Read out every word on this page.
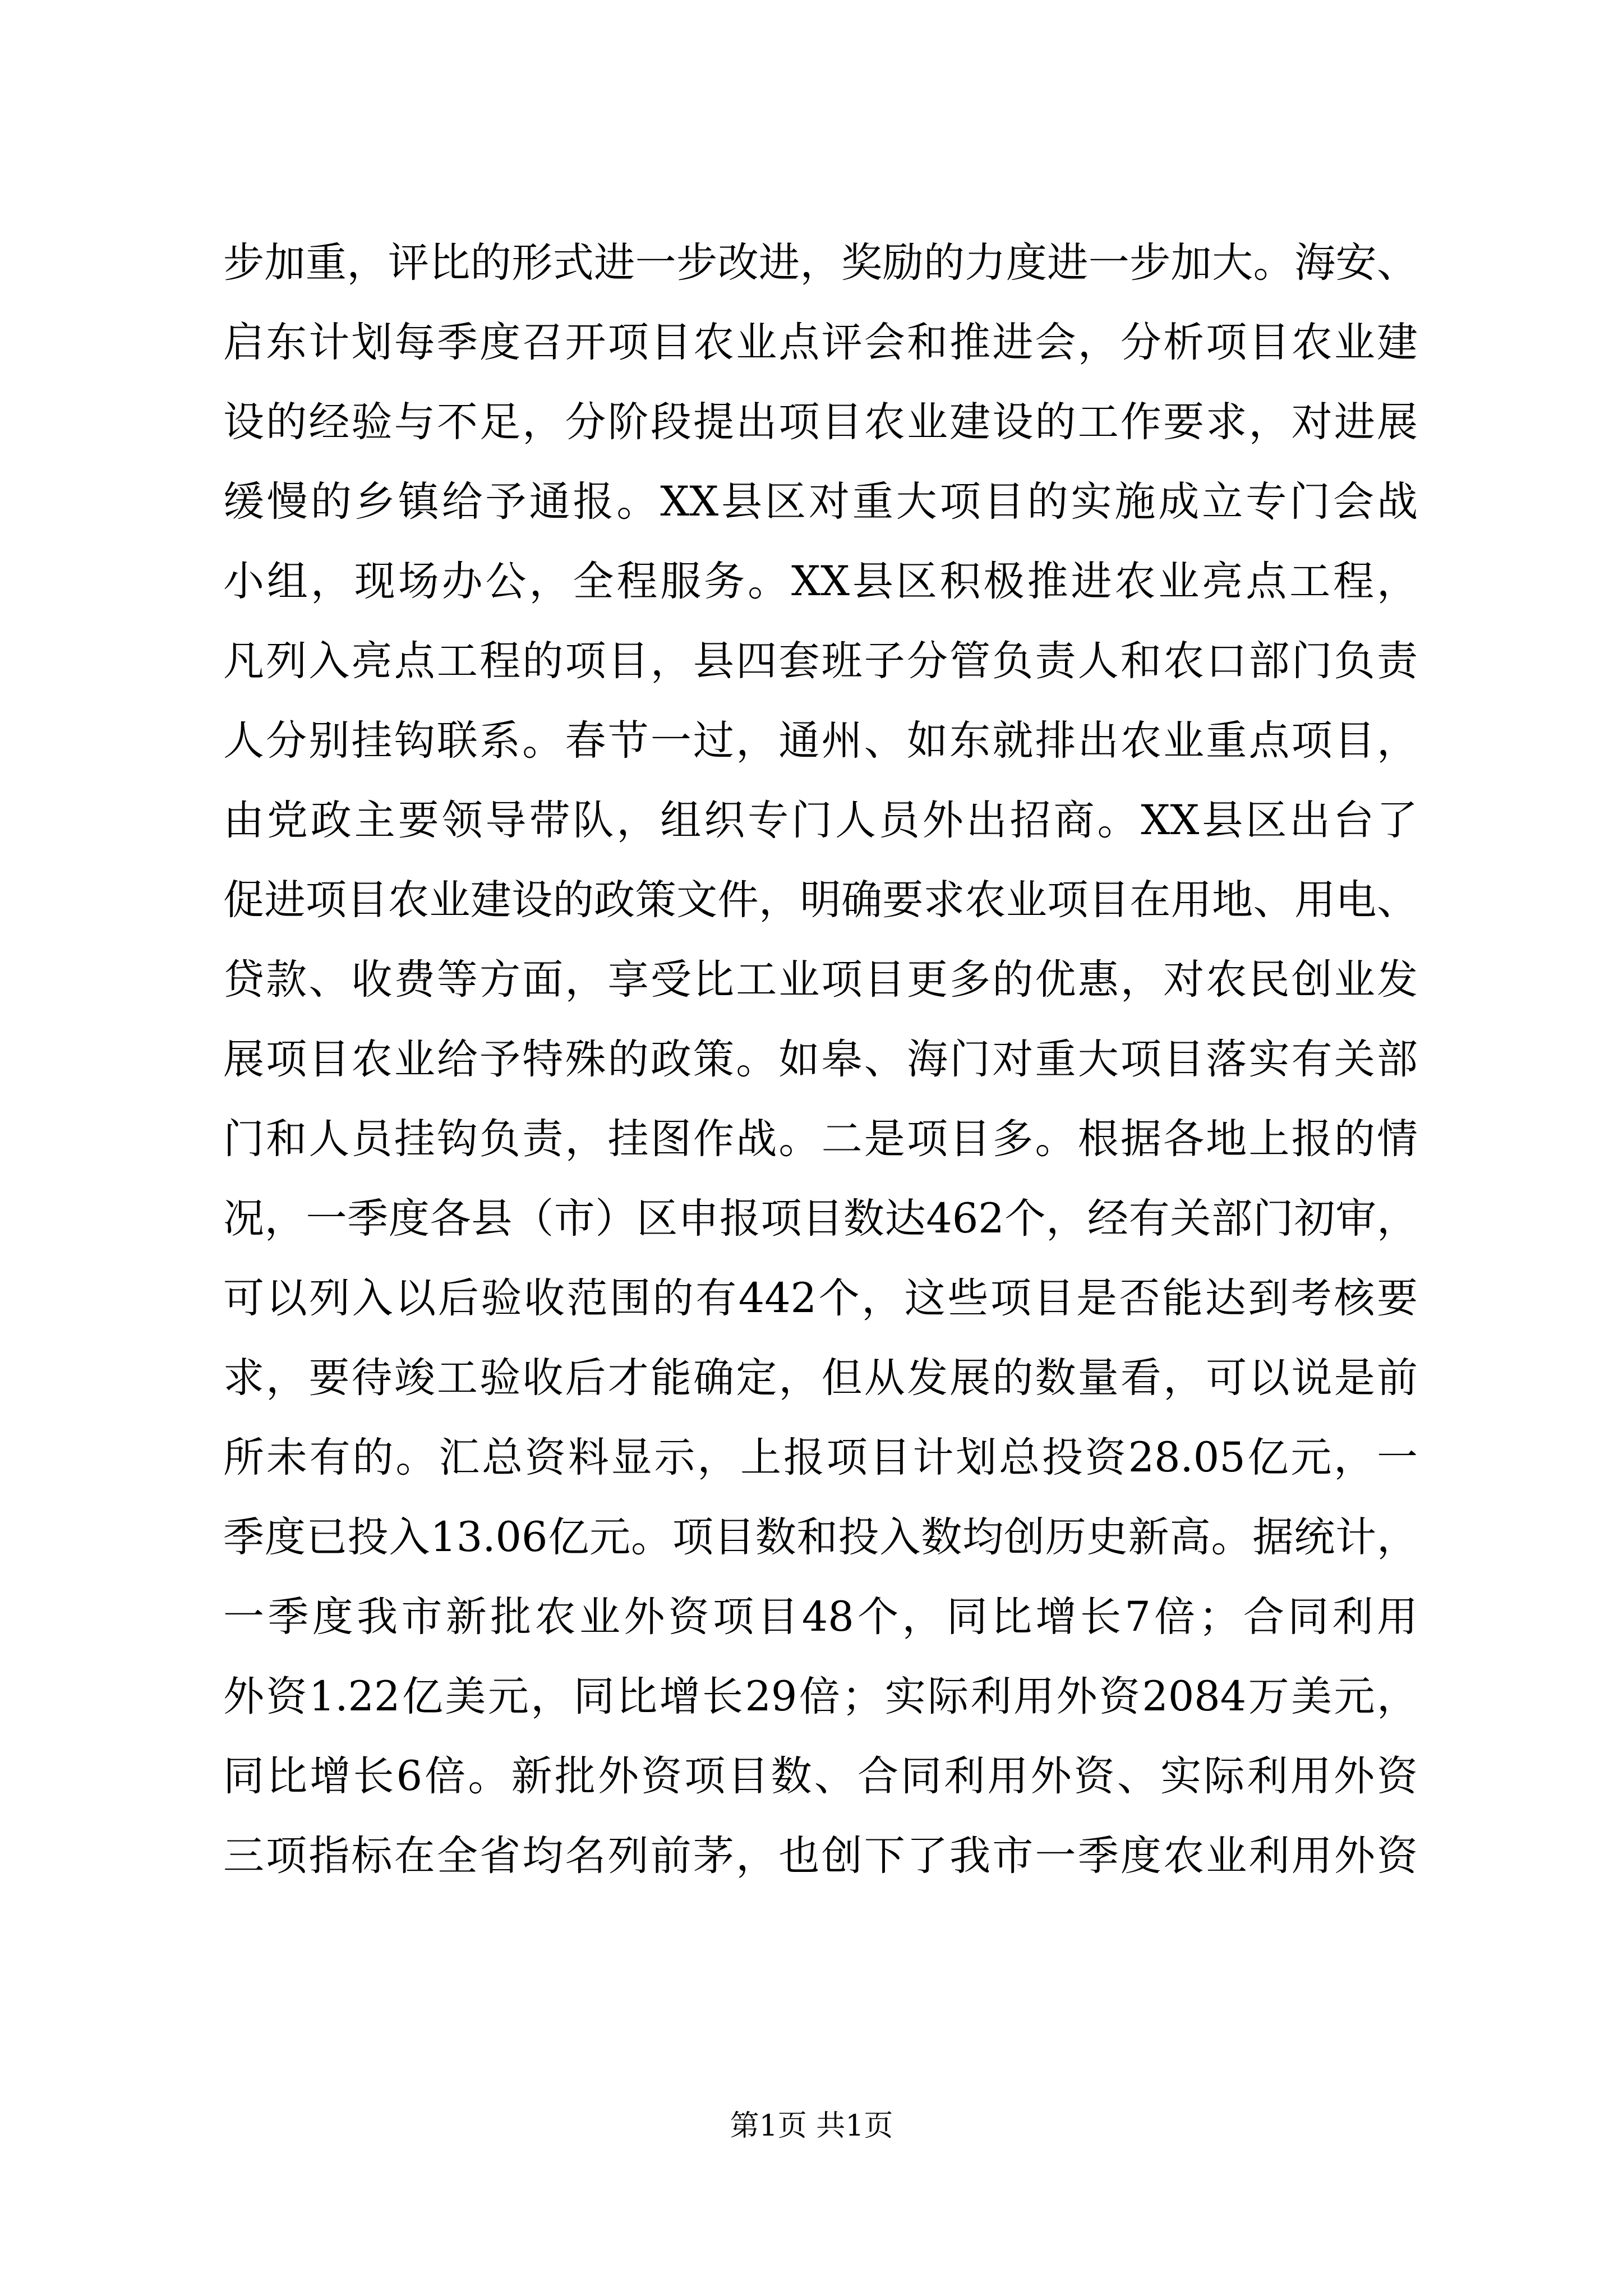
步加重，评比的形式进一步改进，奖励的力度进一步加大。海安、
启东计划每季度召开项目农业点评会和推进会，分析项目农业建
设的经验与不足，分阶段提出项目农业建设的工作要求，对进展
缓慢的乡镇给予通报。XX县区对重大项目的实施成立专门会战
小组，现场办公，全程服务。XX县区积极推进农业亮点工程，
凡列入亮点工程的项目，县四套班子分管负责人和农口部门负责
人分别挂钩联系。春节一过，通州、如东就排出农业重点项目，
由党政主要领导带队，组织专门人员外出招商。XX县区出台了
促进项目农业建设的政策文件，明确要求农业项目在用地、用电、
贷款、收费等方面，享受比工业项目更多的优惠，对农民创业发
展项目农业给予特殊的政策。如皋、海门对重大项目落实有关部
门和人员挂钩负责，挂图作战。二是项目多。根据各地上报的情
况，一季度各县（市）区申报项目数达462个，经有关部门初审，
可以列入以后验收范围的有442个，这些项目是否能达到考核要
求，要待竣工验收后才能确定，但从发展的数量看，可以说是前
所未有的。汇总资料显示，上报项目计划总投资28.05亿元，一
季度已投入13.06亿元。项目数和投入数均创历史新高。据统计，
一季度我市新批农业外资项目48个，同比增长7倍；合同利用
外资1.22亿美元，同比增长29倍；实际利用外资2084万美元，
同比增长6倍。新批外资项目数、合同利用外资、实际利用外资
三项指标在全省均名列前茅，也创下了我市一季度农业利用外资
第1页 共1页
